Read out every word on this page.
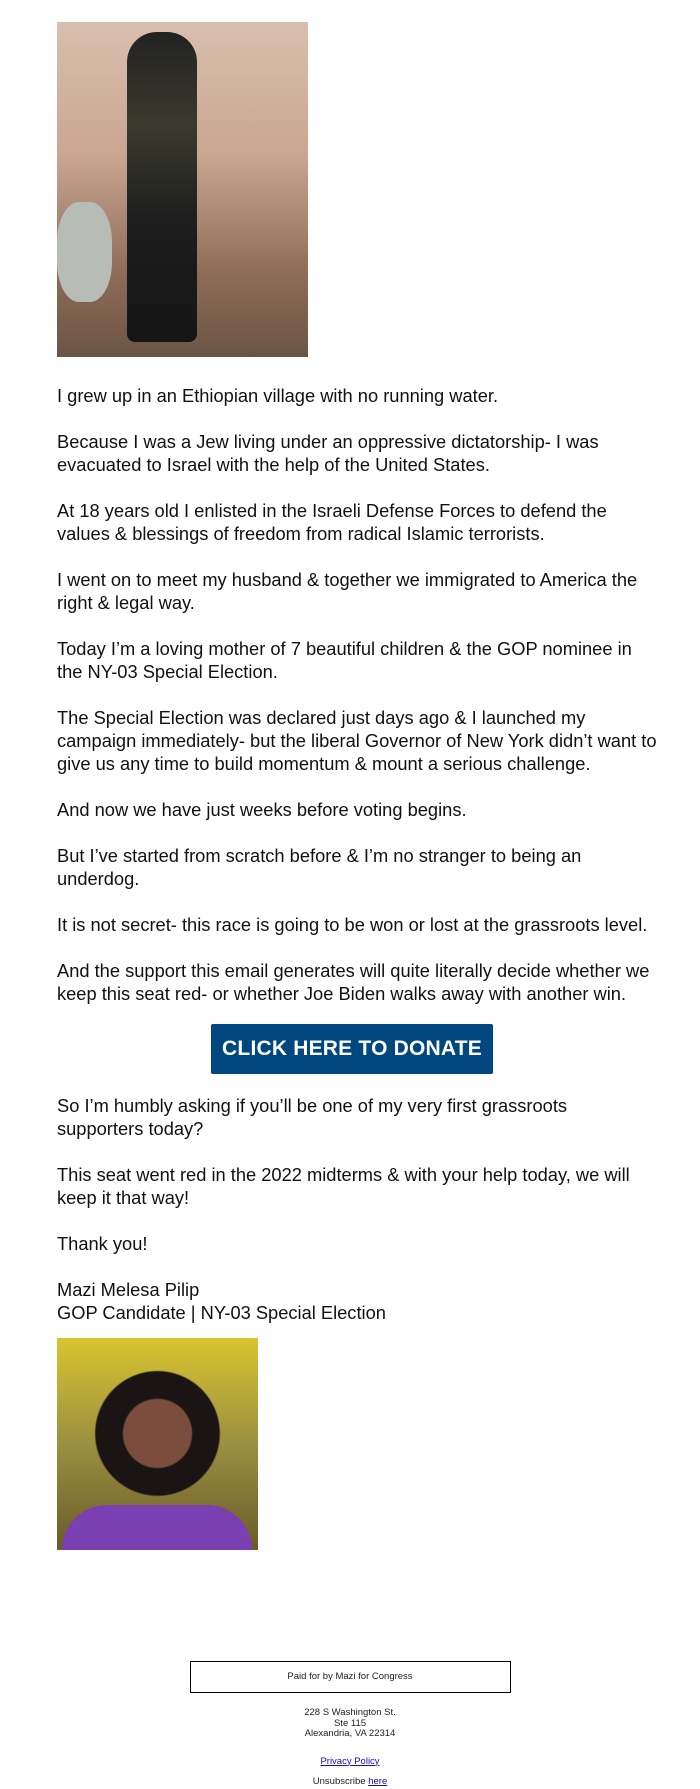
I grew up in an Ethiopian village with no running water.

Because I was a Jew living under an oppressive dictatorship- I was evacuated to Israel with the help of the United States.

At 18 years old I enlisted in the Israeli Defense Forces to defend the values & blessings of freedom from radical Islamic terrorists.

I went on to meet my husband & together we immigrated to America the right & legal way.

Today I’m a loving mother of 7 beautiful children & the GOP nominee in the NY-03 Special Election.

The Special Election was declared just days ago & I launched my campaign immediately- but the liberal Governor of New York didn’t want to give us any time to build momentum & mount a serious challenge.

And now we have just weeks before voting begins.

But I’ve started from scratch before & I’m no stranger to being an underdog.

It is not secret- this race is going to be won or lost at the grassroots level.

And the support this email generates will quite literally decide whether we keep this seat red- or whether Joe Biden walks away with another win.

CLICK HERE TO DONATE

So I’m humbly asking if you’ll be one of my very first grassroots supporters today?

This seat went red in the 2022 midterms & with your help today, we will keep it that way!

Thank you!

Mazi Melesa Pilip
GOP Candidate | NY-03 Special Election

Paid for by Mazi for Congress
228 S Washington St.
Ste 115
Alexandria, VA 22314
Privacy Policy
Unsubscribe here
